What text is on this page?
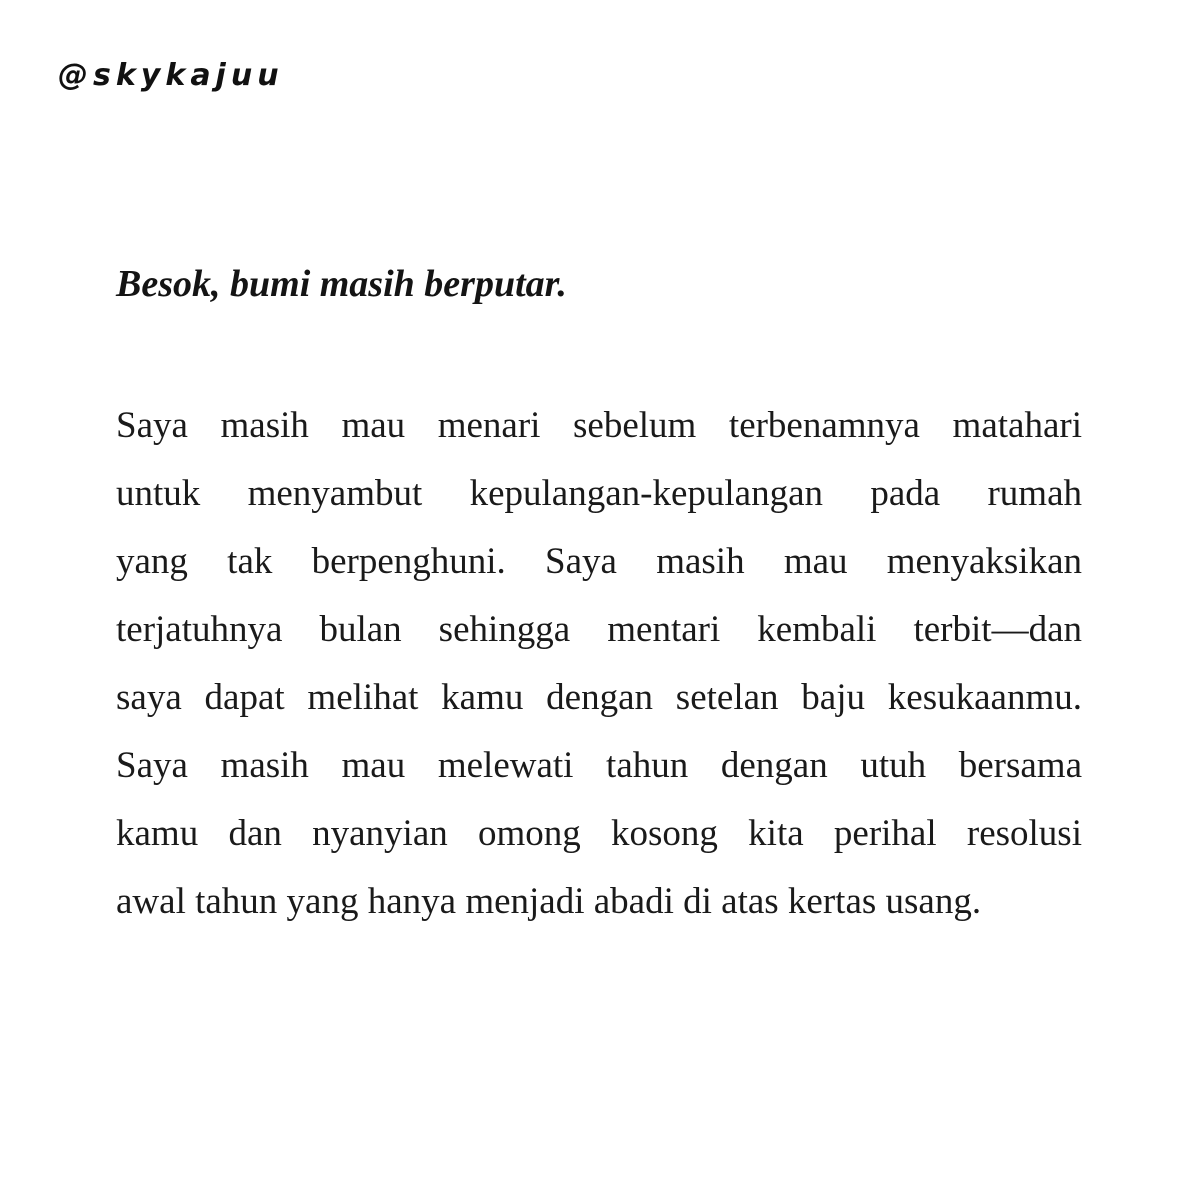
@skykajuu
Besok, bumi masih berputar.
Saya masih mau menari sebelum terbenamnya matahari
untuk menyambut kepulangan-kepulangan pada rumah
yang tak berpenghuni. Saya masih mau menyaksikan
terjatuhnya bulan sehingga mentari kembali terbit—dan
saya dapat melihat kamu dengan setelan baju kesukaanmu.
Saya masih mau melewati tahun dengan utuh bersama
kamu dan nyanyian omong kosong kita perihal resolusi
awal tahun yang hanya menjadi abadi di atas kertas usang.
